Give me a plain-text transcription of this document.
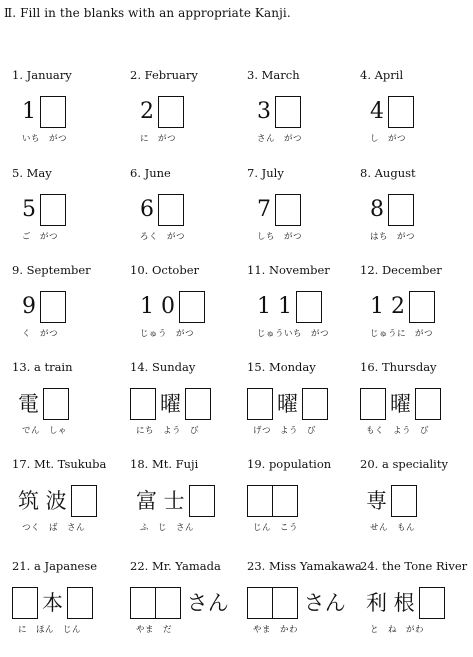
Ⅱ. Fill in the blanks with an appropriate Kanji.
1. January
1
いち　がつ
2. February
2
に　がつ
3. March
3
さん　がつ
4. April
4
し　がつ
5. May
5
ご　がつ
6. June
6
ろく　がつ
7. July
7
しち　がつ
8. August
8
はち　がつ
9. September
9
く　がつ
10. October
1 0
じゅう　がつ
11. November
1 1
じゅういち　がつ
12. December
1 2
じゅうに　がつ
13. a train
電
でん　しゃ
14. Sunday
曜
にち　よう　び
15. Monday
曜
げつ　よう　び
16. Thursday
曜
もく　よう　び
17. Mt. Tsukuba
筑 波
つく　ば　さん
18. Mt. Fuji
富 士
ふ　じ　さん
19. population
じん　こう
20. a speciality
専
せん　もん
21. a Japanese
本
に　ほん　じん
22. Mr. Yamada
さん
やま　だ
23. Miss Yamakawa
さん
やま　かわ
24. the Tone River
利 根
と　ね　がわ
